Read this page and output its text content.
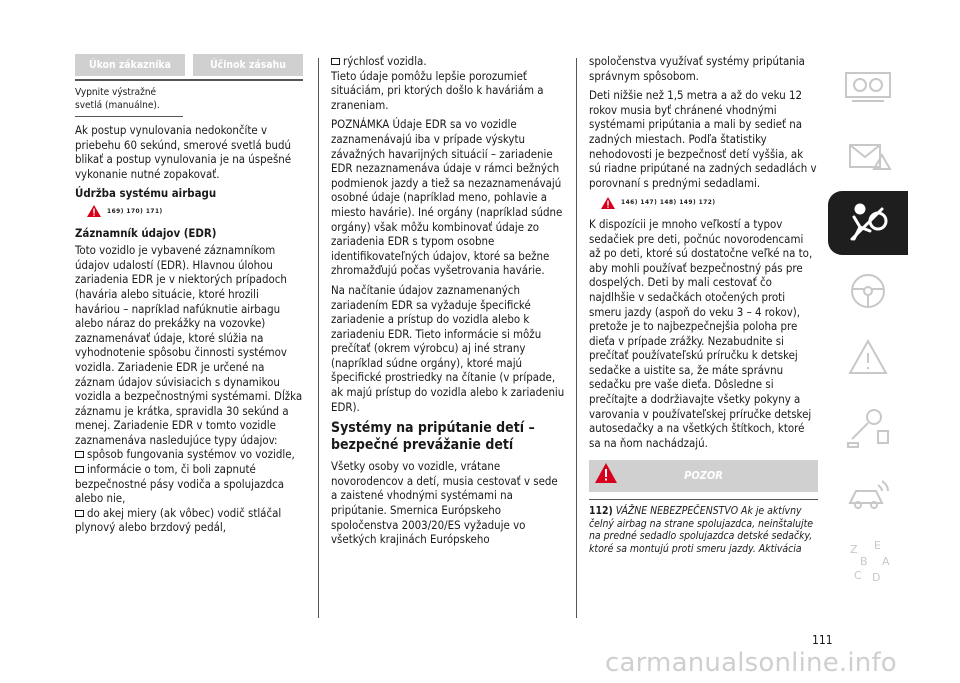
Úkon zákazníka	Účinok zásahu
Vypnite výstražné svetlá (manuálne).

Ak postup vynulovania nedokončíte v priebehu 60 sekúnd, smerové svetlá budú blikať a postup vynulovania je na úspešné vykonanie nutné zopakovať.

Údržba systému airbagu
169) 170) 171)
Záznamník údajov (EDR)

Toto vozidlo je vybavené záznamníkom údajov udalostí (EDR). Hlavnou úlohou zariadenia EDR je v niektorých prípadoch (havária alebo situácie, ktoré hrozili haváriou – napríklad nafúknutie airbagu alebo náraz do prekážky na vozovke) zaznamenávať údaje, ktoré slúžia na vyhodnotenie spôsobu činnosti systémov vozidla. Zariadenie EDR je určené na záznam údajov súvisiacich s dynamikou vozidla a bezpečnostnými systémami. Dĺžka záznamu je krátka, spravidla 30 sekúnd a menej. Zariadenie EDR v tomto vozidle zaznamenáva nasledujúce typy údajov:

spôsob fungovania systémov vo vozidle,
informácie o tom, či boli zapnuté bezpečnostné pásy vodiča a spolujazdca alebo nie,
do akej miery (ak vôbec) vodič stláčal plynový alebo brzdový pedál,
rýchlosť vozidla.

Tieto údaje pomôžu lepšie porozumieť situáciám, pri ktorých došlo k haváriám a zraneniam.

POZNÁMKA Údaje EDR sa vo vozidle zaznamenávajú iba v prípade výskytu závažných havarijných situácií – zariadenie EDR nezaznamenáva údaje v rámci bežných podmienok jazdy a tiež sa nezaznamenávajú osobné údaje (napríklad meno, pohlavie a miesto havárie). Iné orgány (napríklad súdne orgány) však môžu kombinovať údaje zo zariadenia EDR s typom osobne identifikovateľných údajov, ktoré sa bežne zhromažďujú počas vyšetrovania havárie.

Na načítanie údajov zaznamenaných zariadením EDR sa vyžaduje špecifické zariadenie a prístup do vozidla alebo k zariadeniu EDR. Tieto informácie si môžu prečítať (okrem výrobcu) aj iné strany (napríklad súdne orgány), ktoré majú špecifické prostriedky na čítanie (v prípade, ak majú prístup do vozidla alebo k zariadeniu EDR).

Systémy na pripútanie detí – bezpečné prevážanie detí

Všetky osoby vo vozidle, vrátane novorodencov a detí, musia cestovať v sede a zaistené vhodnými systémami na pripútanie. Smernica Európskeho spoločenstva 2003/20/ES vyžaduje vo všetkých krajinách Európskeho

spoločenstva využívať systémy pripútania správnym spôsobom.

Deti nižšie než 1,5 metra a až do veku 12 rokov musia byť chránené vhodnými systémami pripútania a mali by sedieť na zadných miestach. Podľa štatistiky nehodovosti je bezpečnosť detí vyššia, ak sú riadne pripútané na zadných sedadlách v porovnaní s prednými sedadlami.

146) 147) 148) 149) 172)

K dispozícii je mnoho veľkostí a typov sedačiek pre deti, počnúc novorodencami až po deti, ktoré sú dostatočne veľké na to, aby mohli používať bezpečnostný pás pre dospelých. Deti by mali cestovať čo najdlhšie v sedačkách otočených proti smeru jazdy (aspoň do veku 3 – 4 rokov), pretože je to najbezpečnejšia poloha pre dieťa v prípade zrážky. Nezabudnite si prečítať používateľskú príručku k detskej sedačke a uistite sa, že máte správnu sedačku pre vaše dieťa. Dôsledne si prečítajte a dodržiavajte všetky pokyny a varovania v používateľskej príručke detskej autosedačky a na všetkých štítkoch, ktoré sa na ňom nachádzajú.

POZOR
112) VÁŽNE NEBEZPEČENSTVO Ak je aktívny čelný airbag na strane spolujazdca, neinštalujte na predné sedadlo spolujazdca detské sedačky, ktoré sa montujú proti smeru jazdy. Aktivácia
111
Z E
B A
C D
carmanualsonline.info
